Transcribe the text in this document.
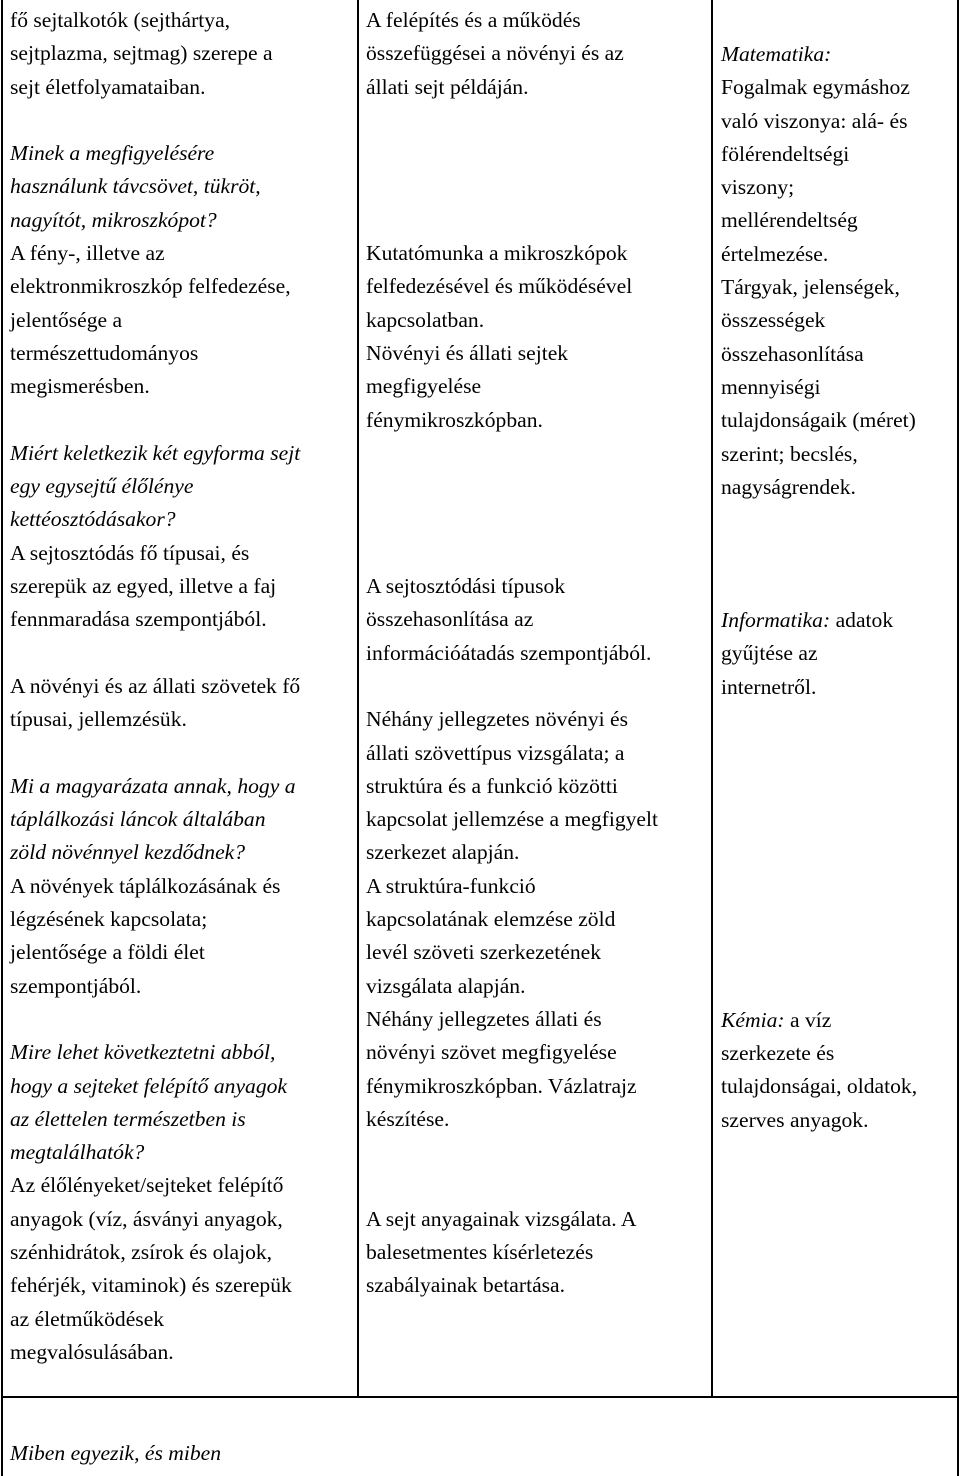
fő sejtalkotók (sejthártya,

sejtplazma, sejtmag) szerepe a

sejt életfolyamataiban.

Minek a megfigyelésére

használunk távcsövet, tükröt,

nagyítót, mikroszkópot?

A fény-, illetve az

elektronmikroszkóp felfedezése,

jelentősége a

természettudományos

megismerésben.

Miért keletkezik két egyforma sejt

egy egysejtű élőlénye

kettéosztódásakor?

A sejtosztódás fő típusai, és

szerepük az egyed, illetve a faj

fennmaradása szempontjából.

A növényi és az állati szövetek fő

típusai, jellemzésük.

Mi a magyarázata annak, hogy a

táplálkozási láncok általában

zöld növénnyel kezdődnek?

A növények táplálkozásának és

légzésének kapcsolata;

jelentősége a földi élet

szempontjából.

Mire lehet következtetni abból,

hogy a sejteket felépítő anyagok

az élettelen természetben is

megtalálhatók?

Az élőlényeket/sejteket felépítő

anyagok (víz, ásványi anyagok,

szénhidrátok, zsírok és olajok,

fehérjék, vitaminok) és szerepük

az életműködések

megvalósulásában.

A felépítés és a működés

összefüggései a növényi és az

állati sejt példáján.

Kutatómunka a mikroszkópok

felfedezésével és működésével

kapcsolatban.

Növényi és állati sejtek

megfigyelése

fénymikroszkópban.

A sejtosztódási típusok

összehasonlítása az

információátadás szempontjából.

Néhány jellegzetes növényi és

állati szövettípus vizsgálata; a

struktúra és a funkció közötti

kapcsolat jellemzése a megfigyelt

szerkezet alapján.

A struktúra-funkció

kapcsolatának elemzése zöld

levél szöveti szerkezetének

vizsgálata alapján.

Néhány jellegzetes állati és

növényi szövet megfigyelése

fénymikroszkópban. Vázlatrajz

készítése.

A sejt anyagainak vizsgálata. A

balesetmentes kísérletezés

szabályainak betartása.

Matematika:

Fogalmak egymáshoz

való viszonya: alá- és

fölérendeltségi

viszony;

mellérendeltség

értelmezése.

Tárgyak, jelenségek,

összességek

összehasonlítása

mennyiségi

tulajdonságaik (méret)

szerint; becslés,

nagyságrendek.

Informatika: adatok

gyűjtése az

internetről.

Kémia: a víz

szerkezete és

tulajdonságai, oldatok,

szerves anyagok.

Miben egyezik, és miben
